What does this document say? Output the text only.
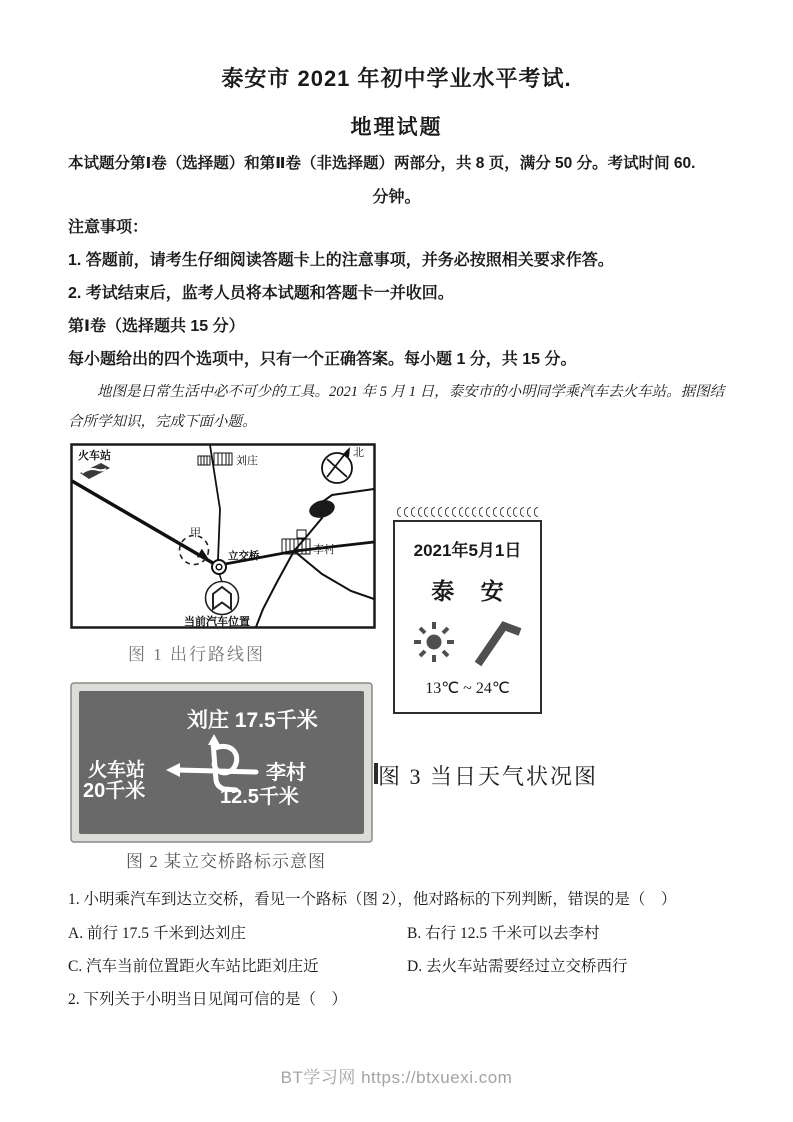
泰安市 2021 年初中学业水平考试.
地理试题
本试题分第Ⅰ卷（选择题）和第Ⅱ卷（非选择题）两部分，共 8 页，满分 50 分。考试时间 60.
分钟。
注意事项：
1. 答题前，请考生仔细阅读答题卡上的注意事项，并务必按照相关要求作答。
2. 考试结束后，监考人员将本试题和答题卡一并收回。
第Ⅰ卷（选择题共 15 分）
每小题给出的四个选项中，只有一个正确答案。每小题 1 分，共 15 分。
地图是日常生活中必不可少的工具。2021 年 5 月 1 日，泰安市的小明同学乘汽车去火车站。据图结合所学知识，完成下面小题。
火车站	刘庄
北
甲
立交桥	李村
当前汽车位置
图 1 出行路线图
2021年5月1日
泰 安
13℃ ~ 24℃
图 3 当日天气状况图
刘庄 17.5千米
火车站
20千米
李村
12.5千米
图 2 某立交桥路标示意图
1. 小明乘汽车到达立交桥，看见一个路标（图 2），他对路标的下列判断，错误的是（　）
A. 前行 17.5 千米到达刘庄	B. 右行 12.5 千米可以去李村
C. 汽车当前位置距火车站比距刘庄近	D. 去火车站需要经过立交桥西行
2. 下列关于小明当日见闻可信的是（　）
BT学习网 https://btxuexi.com
